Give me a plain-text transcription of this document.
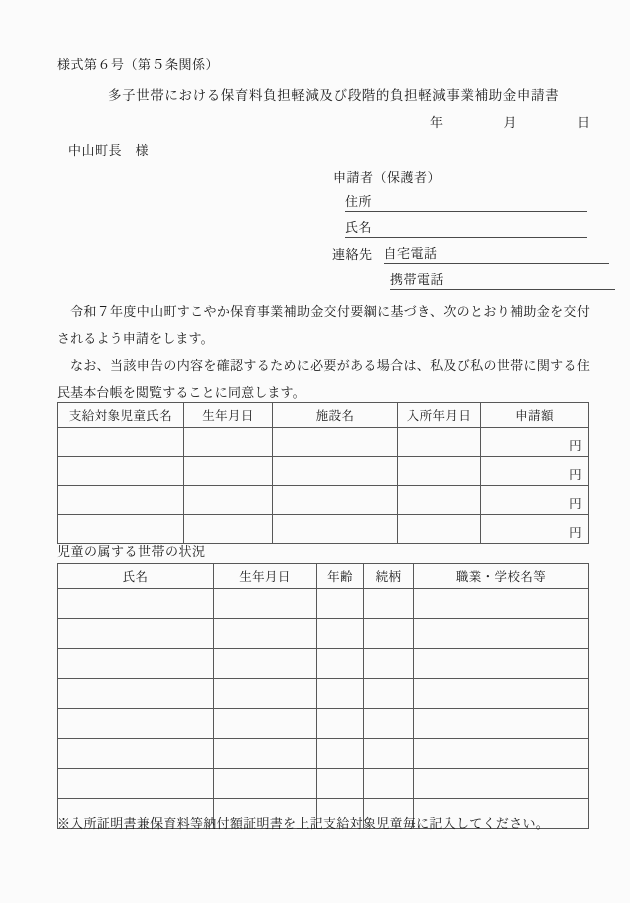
様式第６号（第５条関係）
多子世帯における保育料負担軽減及び段階的負担軽減事業補助金申請書
年	月	日
中山町長　様
申請者（保護者）
住所
氏名
連絡先 自宅電話
携帯電話
令和７年度中山町すこやか保育事業補助金交付要綱に基づき、次のとおり補助金を交付されるよう申請をします。
なお、当該申告の内容を確認するために必要がある場合は、私及び私の世帯に関する住民基本台帳を閲覧することに同意します。
支給対象児童氏名	生年月日	施設名	入所年月日	申請額
				円
				円
				円
				円
児童の属する世帯の状況
氏名	生年月日	年齢	続柄	職業・学校名等

※入所証明書兼保育料等納付額証明書を上記支給対象児童毎に記入してください。
